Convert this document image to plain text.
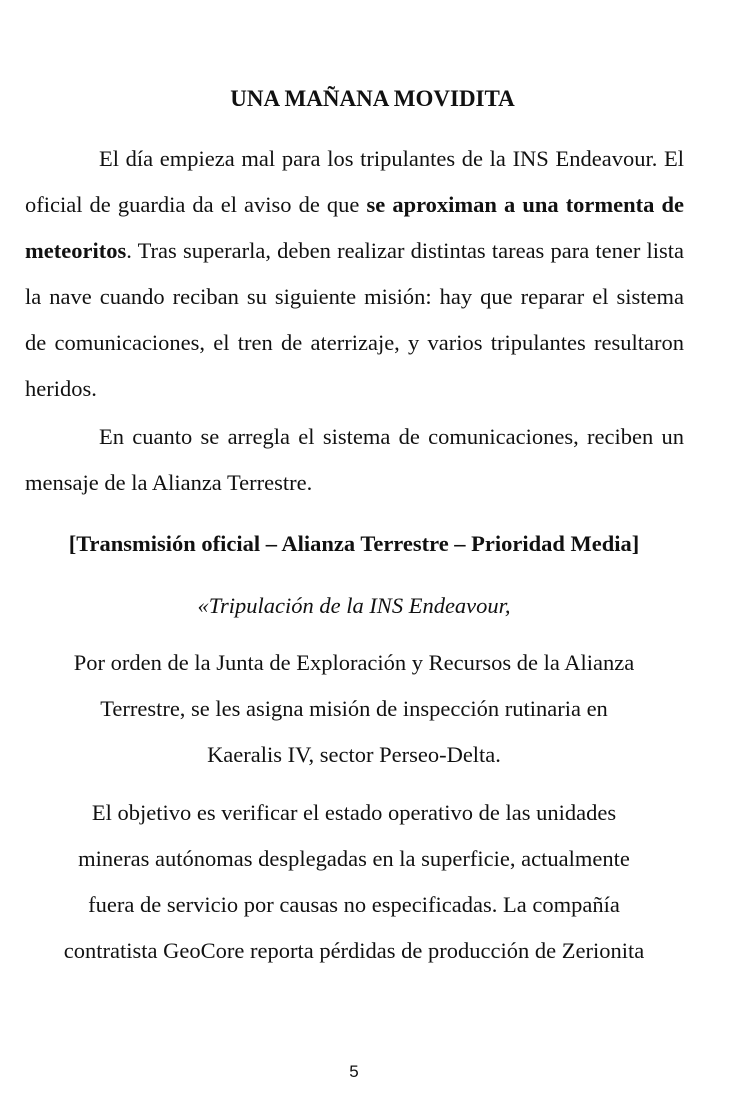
UNA MAÑANA MOVIDITA

El día empieza mal para los tripulantes de la INS Endeavour. El oficial de guardia da el aviso de que se aproximan a una tormenta de meteoritos. Tras superarla, deben realizar distintas tareas para tener lista la nave cuando reciban su siguiente misión: hay que reparar el sistema de comunicaciones, el tren de aterrizaje, y varios tripulantes resultaron heridos.

En cuanto se arregla el sistema de comunicaciones, reciben un mensaje de la Alianza Terrestre.

[Transmisión oficial – Alianza Terrestre – Prioridad Media]
«Tripulación de la INS Endeavour,
Por orden de la Junta de Exploración y Recursos de la Alianza
Terrestre, se les asigna misión de inspección rutinaria en
Kaeralis IV, sector Perseo-Delta.
El objetivo es verificar el estado operativo de las unidades
mineras autónomas desplegadas en la superficie, actualmente
fuera de servicio por causas no especificadas. La compañía
contratista GeoCore reporta pérdidas de producción de Zerionita
5
